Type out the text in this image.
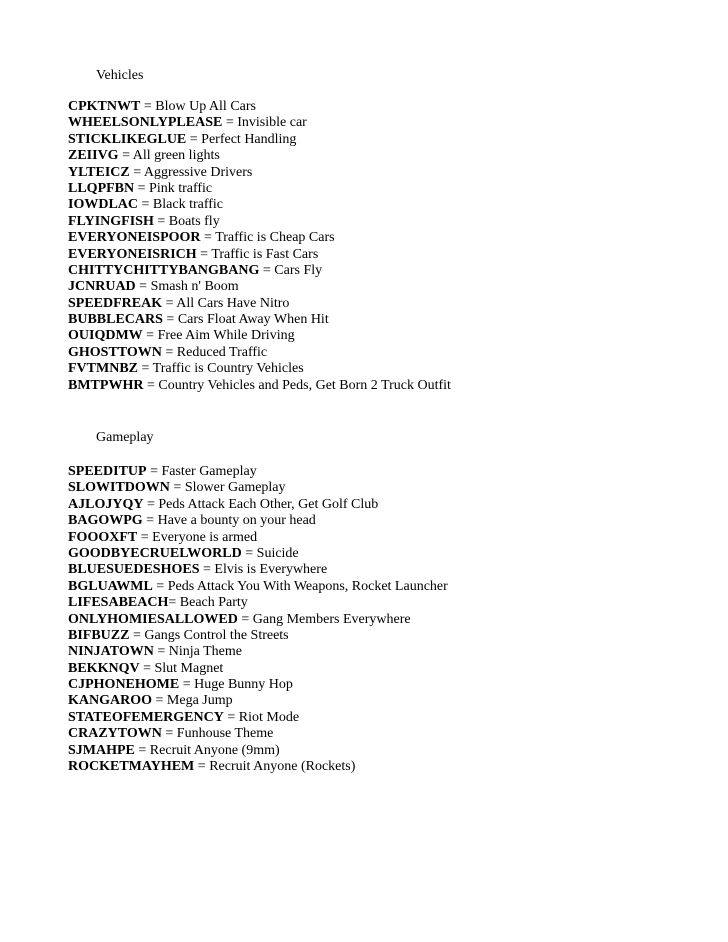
Vehicles
CPKTNWT = Blow Up All Cars
WHEELSONLYPLEASE = Invisible car
STICKLIKEGLUE = Perfect Handling
ZEIIVG = All green lights
YLTEICZ = Aggressive Drivers
LLQPFBN = Pink traffic
IOWDLAC = Black traffic
FLYINGFISH = Boats fly
EVERYONEISPOOR = Traffic is Cheap Cars
EVERYONEISRICH = Traffic is Fast Cars
CHITTYCHITTYBANGBANG = Cars Fly
JCNRUAD = Smash n' Boom
SPEEDFREAK = All Cars Have Nitro
BUBBLECARS = Cars Float Away When Hit
OUIQDMW = Free Aim While Driving
GHOSTTOWN = Reduced Traffic
FVTMNBZ = Traffic is Country Vehicles
BMTPWHR = Country Vehicles and Peds, Get Born 2 Truck Outfit
Gameplay
SPEEDITUP = Faster Gameplay
SLOWITDOWN = Slower Gameplay
AJLOJYQY = Peds Attack Each Other, Get Golf Club
BAGOWPG = Have a bounty on your head
FOOOXFT = Everyone is armed
GOODBYECRUELWORLD = Suicide
BLUESUEDESHOES = Elvis is Everywhere
BGLUAWML = Peds Attack You With Weapons, Rocket Launcher
LIFESABEACH= Beach Party
ONLYHOMIESALLOWED = Gang Members Everywhere
BIFBUZZ = Gangs Control the Streets
NINJATOWN = Ninja Theme
BEKKNQV = Slut Magnet
CJPHONEHOME = Huge Bunny Hop
KANGAROO = Mega Jump
STATEOFEMERGENCY = Riot Mode
CRAZYTOWN = Funhouse Theme
SJMAHPE = Recruit Anyone (9mm)
ROCKETMAYHEM = Recruit Anyone (Rockets)
